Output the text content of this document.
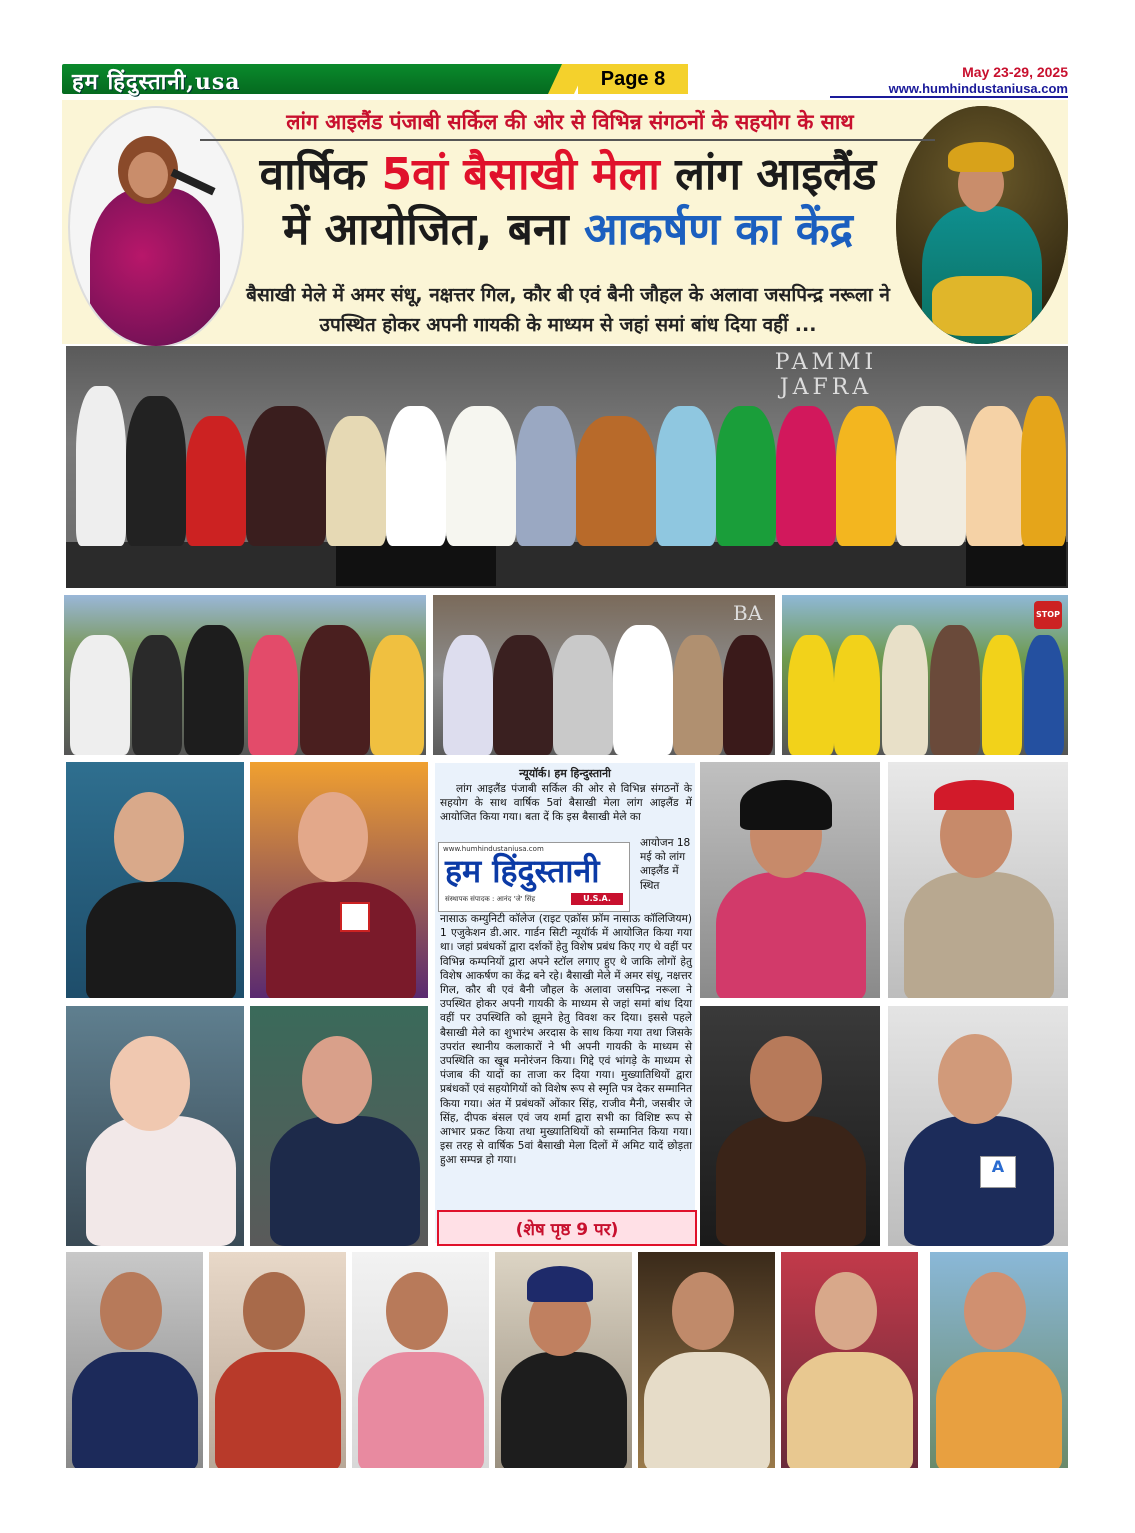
हम हिंदुस्तानी,usa	Page 8	May 23-29, 2025
www.humhindustaniusa.com
लांग आइलैंड पंजाबी सर्किल की ओर से विभिन्न संगठनों के सहयोग के साथ
वार्षिक 5वां बैसाखी मेला लांग आइलैंड
में आयोजित, बना आकर्षण का केंद्र
बैसाखी मेले में अमर संधू, नक्षत्तर गिल, कौर बी एवं बैनी जौहल के अलावा जसपिन्द्र नरूला ने उपस्थित होकर अपनी गायकी के माध्यम से जहां समां बांध दिया वहीं ...
PAMMI
JAFRA
BA	STOP
न्यूयॉर्क। हम हिन्दुस्तानी
लांग आइलैंड पंजाबी सर्किल की ओर से विभिन्न संगठनों के सहयोग के साथ वार्षिक 5वां बैसाखी मेला लांग आइलैंड में आयोजित किया गया। बता दें कि इस बैसाखी मेले का
www.humhindustaniusa.com
हम हिंदुस्तानी
U.S.A.
संस्थापक संपादक : आनंद 'जे' सिंह
आयोजन 18 मई को लांग आइलैंड में स्थित
नासाऊ कम्युनिटी कॉलेज (राइट एक्रॉस फ्रॉम नासाऊ कॉलिजियम) 1 एजुकेशन डी.आर. गार्डन सिटी न्यूयॉर्क में आयोजित किया गया था। जहां प्रबंधकों द्वारा दर्शकों हेतु विशेष प्रबंध किए गए थे वहीं पर विभिन्न कम्पनियों द्वारा अपने स्टॉल लगाए हुए थे जाकि लोगों हेतु विशेष आकर्षण का केंद्र बने रहे। बैसाखी मेले में अमर संधू, नक्षत्तर गिल, कौर बी एवं बैनी जौहल के अलावा जसपिन्द्र नरूला ने उपस्थित होकर अपनी गायकी के माध्यम से जहां समां बांध दिया वहीं पर उपस्थिति को झूमने हेतु विवश कर दिया। इससे पहले बैसाखी मेले का शुभारंभ अरदास के साथ किया गया तथा जिसके उपरांत स्थानीय कलाकारों ने भी अपनी गायकी के माध्यम से उपस्थिति का खूब मनोरंजन किया। गिद्दे एवं भांगड़े के माध्यम से पंजाब की यादों का ताजा कर दिया गया। मुख्यातिथियों द्वारा प्रबंधकों एवं सहयोगियों को विशेष रूप से स्मृति पत्र देकर सम्मानित किया गया। अंत में प्रबंधकों ओंकार सिंह, राजीव मैनी, जसबीर जे सिंह, दीपक बंसल एवं जय शर्मा द्वारा सभी का विशिष्ट रूप से आभार प्रकट किया तथा मुख्यातिथियों को सम्मानित किया गया। इस तरह से वार्षिक 5वां बैसाखी मेला दिलों में अमिट यादें छोड़ता हुआ सम्पन्न हो गया।
(शेष पृष्ठ 9 पर)
A
